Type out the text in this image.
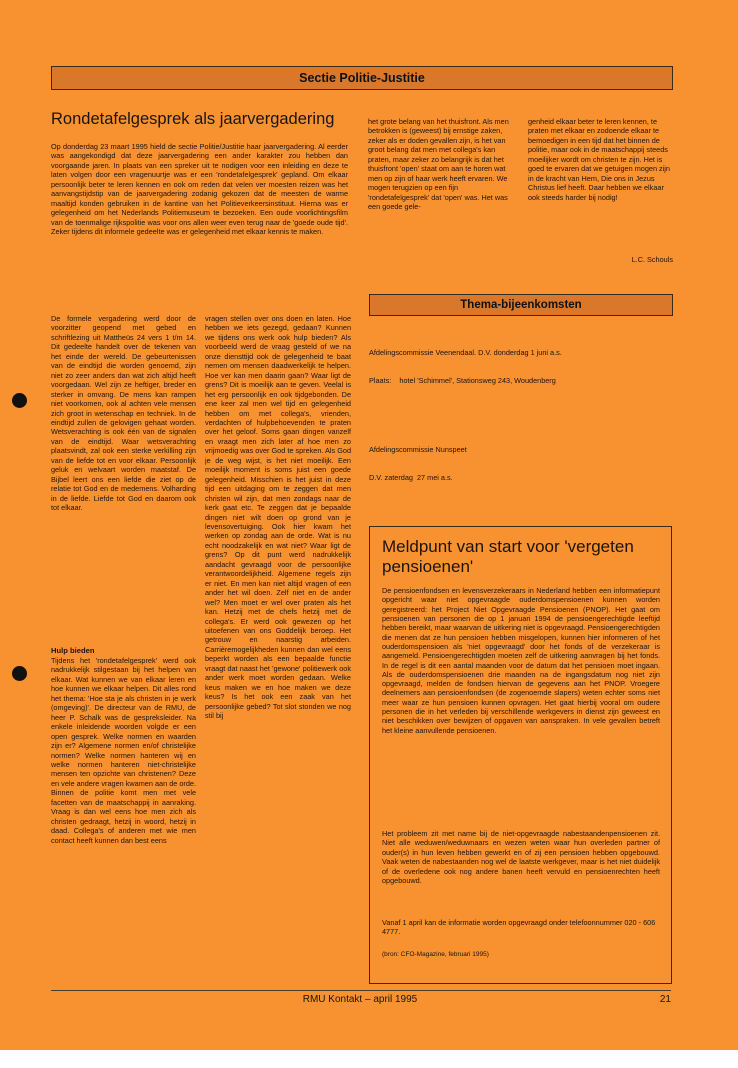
Sectie Politie-Justitie
Rondetafelgesprek als jaarvergadering
Op donderdag 23 maart 1995 hield de sectie Politie/Justitie haar jaarvergadering. Al eerder was aangekondigd dat deze jaarvergadering een ander karakter zou hebben dan voorgaande jaren. In plaats van een spreker uit te nodigen voor een inleiding en deze te laten volgen door een vragenuurtje was er een 'rondetafelgesprek' gepland. Om elkaar persoonlijk beter te leren kennen en ook om reden dat velen ver moesten reizen was het aanvangstijdstip van de jaarvergadering zodanig gekozen dat de meesten de warme maaltijd konden gebruiken in de kantine van het Politieverkeersinstituut. Hierna was er gelegenheid om het Nederlands Politiemuseum te bezoeken. Een oude voorlichtingsfilm van de toenmalige rijkspolitie was voor ons allen weer even terug naar de 'goede oude tijd'. Zeker tijdens dit informele gedeelte was er gelegenheid met elkaar kennis te maken.
De formele vergadering werd door de voorzitter geopend met gebed en schriftlezing uit Mattheüs 24 vers 1 t/m 14. Dit gedeelte handelt over de tekenen van het einde der wereld. De gebeurtenissen van de eindtijd die worden genoemd, zijn niet zo zeer anders dan wat zich altijd heeft voorgedaan. Wel zijn ze heftiger, breder en sterker in omvang. De mens kan rampen niet voorkomen, ook al achten vele mensen zich groot in wetenschap en techniek. In de eindtijd zullen de gelovigen gehaat worden. Wetsverachting is ook één van de signalen van de eindtijd. Waar wetsverachting plaatsvindt, zal ook een sterke verkilling zijn van de liefde tot en voor elkaar. Persoonlijk geluk en welvaart worden maatstaf. De Bijbel leert ons een liefde die ziet op de relatie tot God en de medemens. Volharding in de liefde. Liefde tot God en daarom ook tot elkaar.
Hulp bieden
Tijdens het 'rondetafelgesprek' werd ook nadrukkelijk stilgestaan bij het helpen van elkaar. Wat kunnen we van elkaar leren en hoe kunnen we elkaar helpen. Dit alles rond het thema: 'Hoe sta je als christen in je werk (omgeving)'. De directeur van de RMU, de heer P. Schalk was de gespreksleider. Na enkele inleidende woorden volgde er een open gesprek. Welke normen en waarden zijn er? Algemene normen en/of christelijke normen? Welke normen hanteren wij en welke normen hanteren niet-christelijke mensen ten opzichte van christenen? Deze en vele andere vragen kwamen aan de orde. Binnen de politie komt men met vele facetten van de maatschappij in aanraking. Vraag is dan wel eens hoe men zich als christen gedraagt, hetzij in woord, hetzij in daad. Collega's of anderen met wie men contact heeft kunnen dan best eens
vragen stellen over ons doen en laten. Hoe hebben we iets gezegd, gedaan? Kunnen we tijdens ons werk ook hulp bieden? Als voorbeeld werd de vraag gesteld of we na onze diensttijd ook de gelegenheid te baat nemen om mensen daadwerkelijk te helpen. Hoe ver kan men daarin gaan? Waar ligt de grens? Dit is moeilijk aan te geven. Veelal is het erg persoonlijk en ook tijdgebonden. De ene keer zal men wel tijd en gelegenheid hebben om met collega's, vrienden, verdachten of hulpbehoevenden te praten over het geloof. Soms gaan dingen vanzelf en vraagt men zich later af hoe men zo vrijmoedig was over God te spreken. Als God je de weg wijst, is het niet moeilijk. Een moeilijk moment is soms juist een goede gelegenheid. Misschien is het juist in deze tijd een uitdaging om te zeggen dat men christen wil zijn, dat men zondags naar de kerk gaat etc. Te zeggen dat je bepaalde dingen niet wilt doen op grond van je levensovertuiging. Ook hier kwam het werken op zondag aan de orde. Wat is nu echt noodzakelijk en wat niet? Waar ligt de grens? Op dit punt werd nadrukkelijk aandacht gevraagd voor de persoonlijke verantwoordelijkheid. Algemene regels zijn er niet. En men kan niet altijd vragen of een ander het wil doen. Zelf niet en de ander wel? Men moet er wel over praten als het kan. Hetzij met de chefs hetzij met de collega's. Er werd ook gewezen op het uitoefenen van ons Goddelijk beroep. Het getrouw en naarstig arbeiden. Carrièremogelijkheden kunnen dan wel eens beperkt worden als een bepaalde functie vraagt dat naast het 'gewone' politiewerk ook ander werk moet worden gedaan. Welke keus maken we en hoe maken we deze keus? Is het ook een zaak van het persoonlijke gebed? Tot slot stonden we nog stil bij
het grote belang van het thuisfront. Als men betrokken is (geweest) bij ernstige zaken, zeker als er doden gevallen zijn, is het van groot belang dat men met collega's kan praten, maar zeker zo belangrijk is dat het thuisfront 'open' staat om aan te horen wat men op zijn of haar werk heeft ervaren. We mogen terugzien op een fijn 'rondetafelgesprek' dat 'open' was. Het was een goede gele-
genheid elkaar beter te leren kennen, te praten met elkaar en zodoende elkaar te bemoedigen in een tijd dat het binnen de politie, maar ook in de maatschappij steeds moeilijker wordt om christen te zijn. Het is goed te ervaren dat we getuigen mogen zijn in de kracht van Hem, Die ons in Jezus Christus lief heeft. Daar hebben we elkaar ook steeds harder bij nodig!
L.C. Schouls
Thema-bijeenkomsten

Afdelingscommissie Veenendaal. D.V. donderdag 1 juni a.s.

Plaats:    hotel 'Schimmel', Stationsweg 243, Woudenberg

Afdelingscommissie Nunspeet

D.V. zaterdag  27 mei a.s.

Meldpunt van start voor 'vergeten pensioenen'
De pensioenfondsen en levensverzekeraars in Nederland hebben een informatiepunt opgericht waar niet opgevraagde ouderdomspensioenen kunnen worden geregistreerd: het Project Niet Opgevraagde Pensioenen (PNOP). Het gaat om pensioenen van personen die op 1 januari 1994 de pensioengerechtigde leeftijd hebben bereikt, maar waarvan de uitkering niet is opgevraagd. Pensioengerechtigden die menen dat ze hun pensioen hebben misgelopen, kunnen hier informeren of het ouderdomspensioen als 'niet opgevraagd' door het fonds of de verzekeraar is aangemeld. Pensioengerechtigden moeten zelf de uitkering aanvragen bij het fonds. In de regel is dit een aantal maanden voor de datum dat het pensioen moet ingaan. Als de ouderdomspensioenen drie maanden na de ingangsdatum nog niet zijn opgevraagd, melden de fondsen hiervan de gegevens aan het PNOP. Vroegere deelnemers aan pensioenfondsen (de zogenoemde slapers) weten echter soms niet meer waar ze hun pensioen kunnen opvragen. Het gaat hierbij vooral om oudere personen die in het verleden bij verschillende werkgevers in dienst zijn geweest en niet beschikken over bewijzen of opgaven van aanspraken. In vele gevallen betreft het kleine aanvullende pensioenen.
Het probleem zit met name bij de niet-opgevraagde nabestaandenpensioenen zit. Niet alle weduwen/weduwnaars en wezen weten waar hun overleden partner of ouder(s) in hun leven hebben gewerkt en of zij een pensioen hebben opgebouwd. Vaak weten de nabestaanden nog wel de laatste werkgever, maar is het niet duidelijk of de overledene ook nog andere banen heeft vervuld en pensioenrechten heeft opgebouwd.
Vanaf 1 april kan de informatie worden opgevraagd onder telefoonnummer 020 - 606 4777.
(bron: CFO-Magazine, februari 1995)
RMU Kontakt – april 1995	21
